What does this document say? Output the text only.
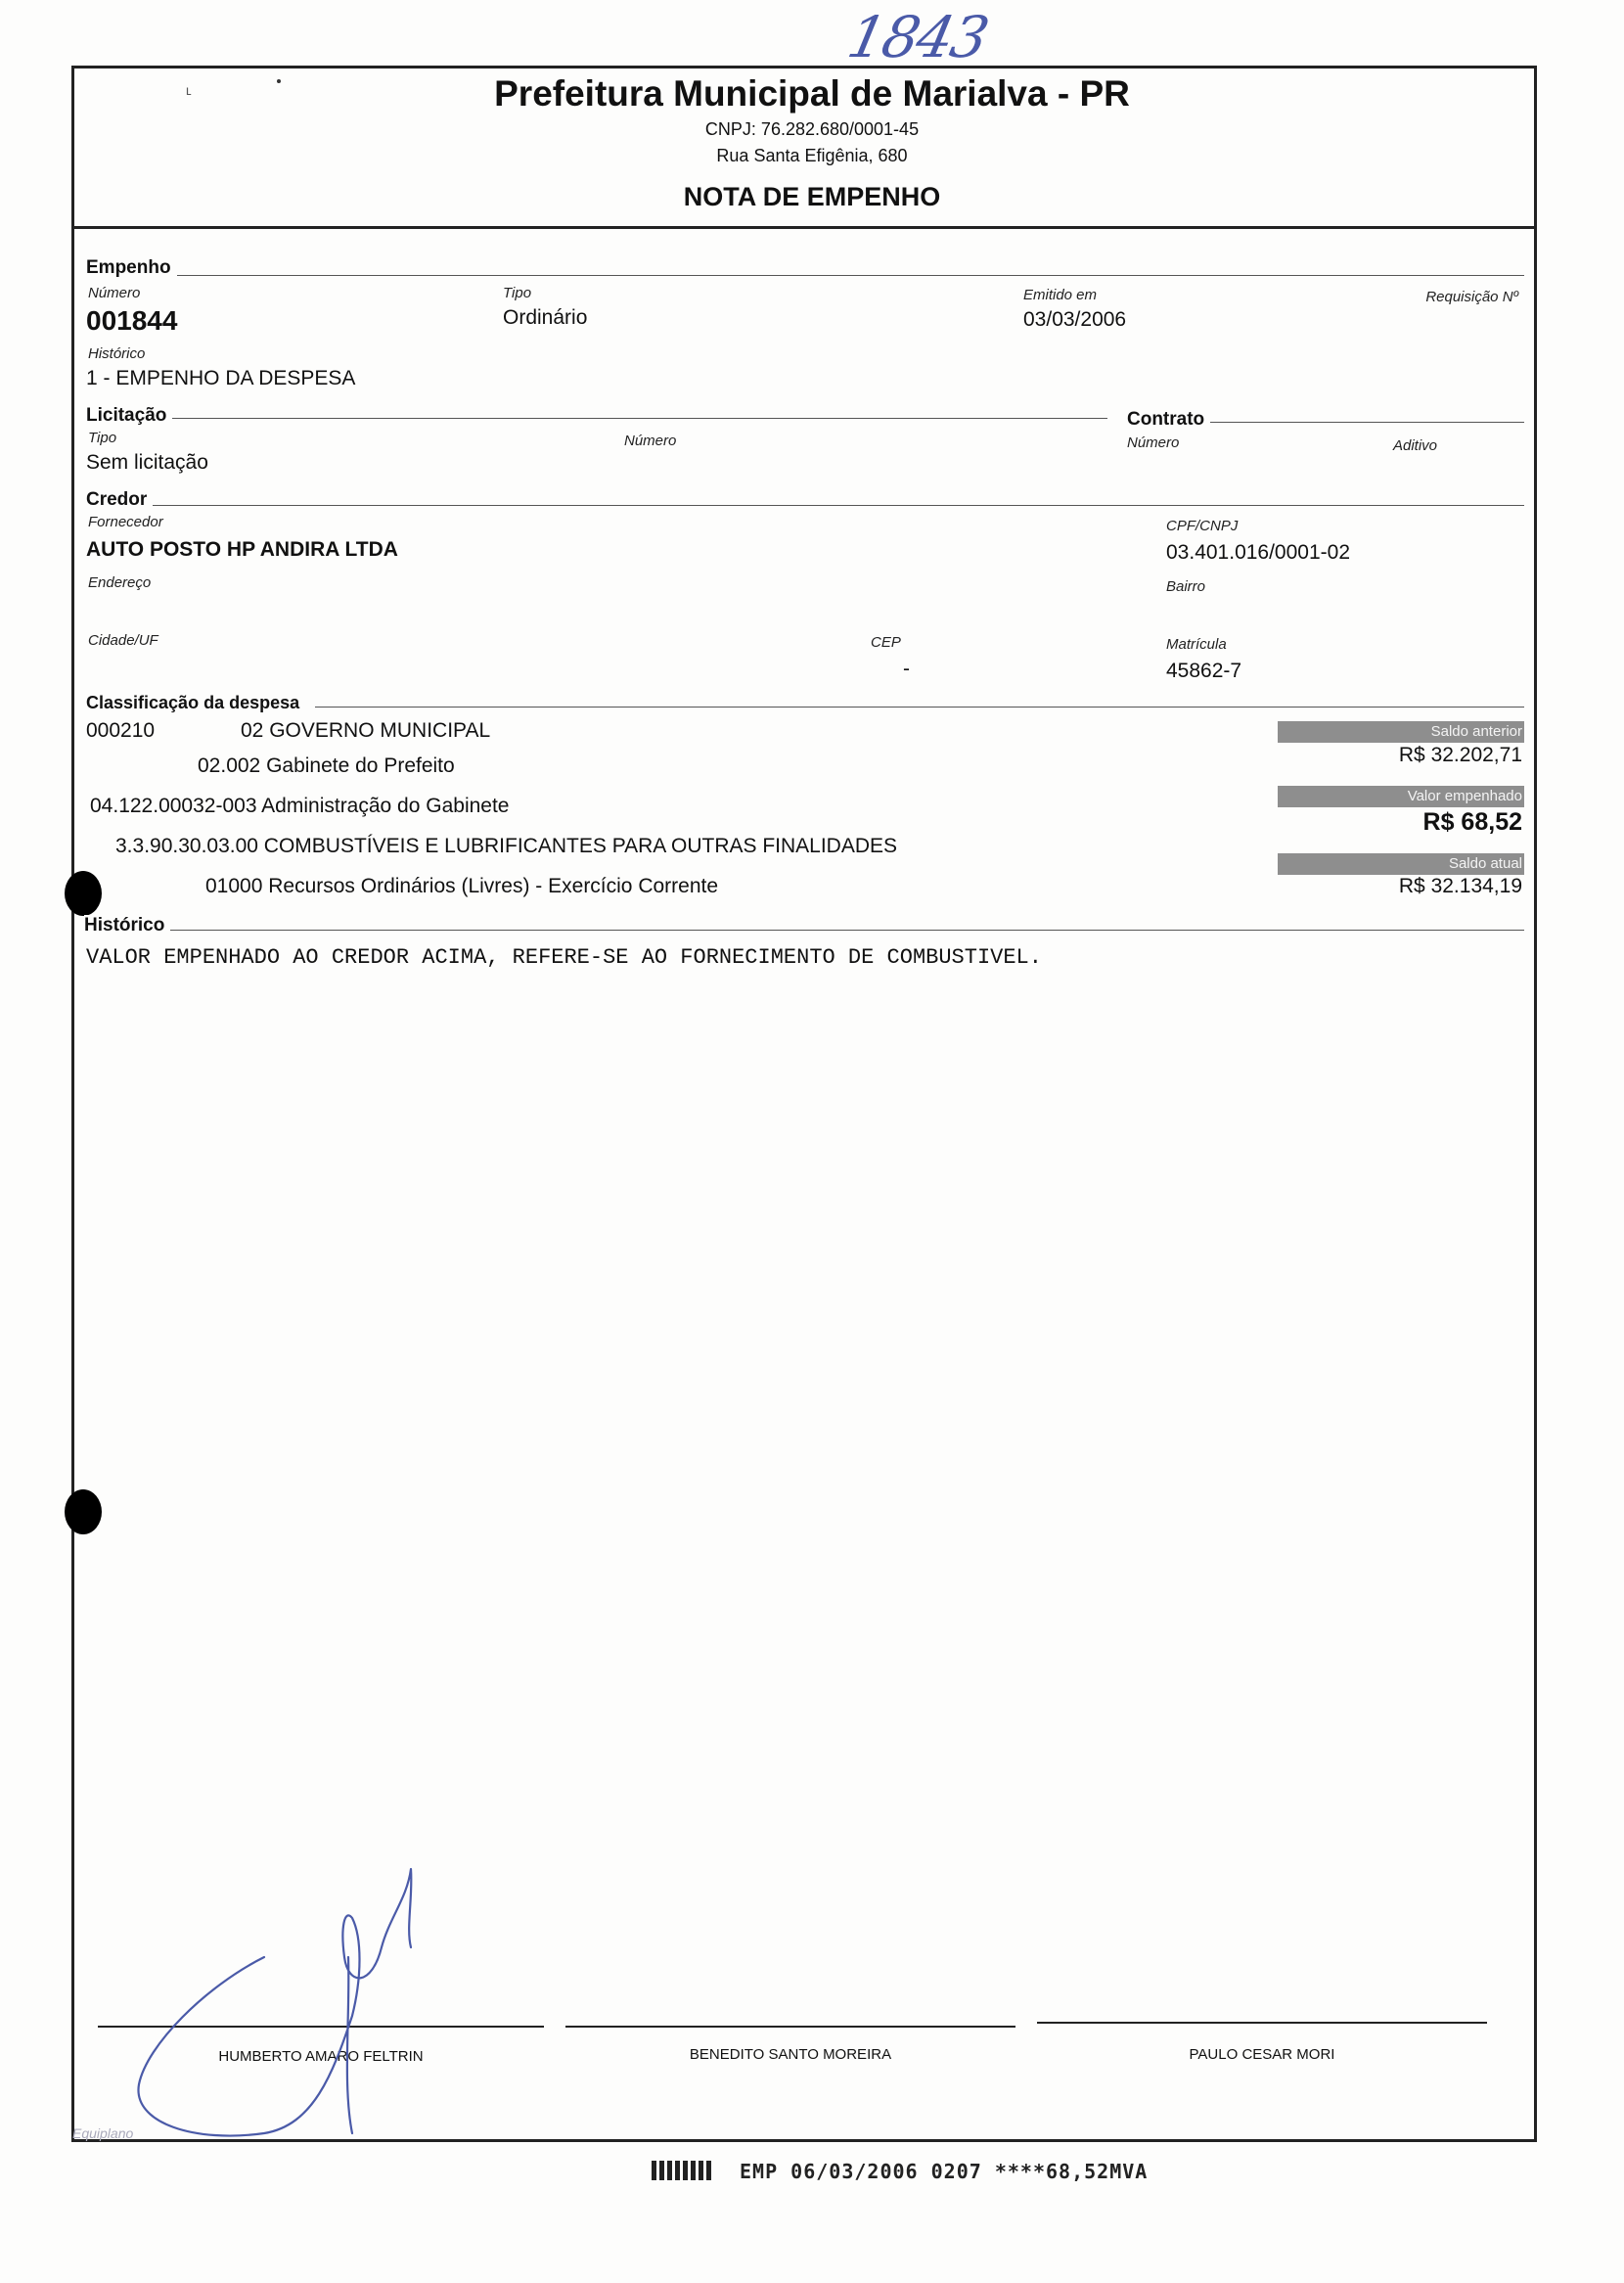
1843
ʟ	Prefeitura Municipal de Marialva - PR
CNPJ: 76.282.680/0001-45
Rua Santa Efigênia, 680
NOTA DE EMPENHO
Empenho
Número
001844
Tipo
Ordinário
Emitido em
03/03/2006
Requisição Nº
Histórico
1 - EMPENHO DA DESPESA
Licitação	Contrato
Tipo
Sem licitação
Número	Número	Aditivo
Credor
Fornecedor
AUTO POSTO HP ANDIRA LTDA
CPF/CNPJ
03.401.016/0001-02
Endereço	Bairro
Cidade/UF	CEP
-
Matrícula
45862-7
Classificação da despesa
000210	02 GOVERNO MUNICIPAL
02.002 Gabinete do Prefeito
04.122.00032-003 Administração do Gabinete
3.3.90.30.03.00 COMBUSTÍVEIS E LUBRIFICANTES PARA OUTRAS FINALIDADES
01000 Recursos Ordinários (Livres) - Exercício Corrente
Saldo anterior
R$ 32.202,71
Valor empenhado
R$ 68,52
Saldo atual
R$ 32.134,19
Histórico
VALOR EMPENHADO AO CREDOR ACIMA, REFERE-SE AO FORNECIMENTO DE COMBUSTIVEL.
HUMBERTO AMARO FELTRIN	BENEDITO SANTO MOREIRA	PAULO CESAR MORI
Equiplano
EMP 06/03/2006 0207 ****68,52MVA
